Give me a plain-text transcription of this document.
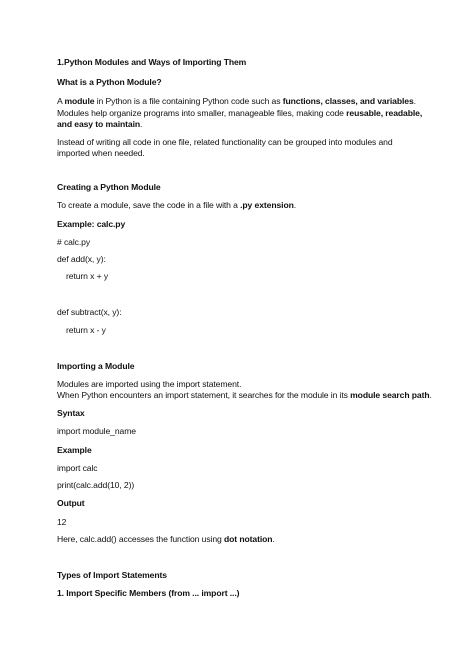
1.Python Modules and Ways of Importing Them
What is a Python Module?
A module in Python is a file containing Python code such as functions, classes, and variables.
Modules help organize programs into smaller, manageable files, making code reusable, readable,
and easy to maintain.
Instead of writing all code in one file, related functionality can be grouped into modules and
imported when needed.
Creating a Python Module
To create a module, save the code in a file with a .py extension.
Example: calc.py
# calc.py
def add(x, y):
return x + y
def subtract(x, y):
return x - y
Importing a Module
Modules are imported using the import statement.
When Python encounters an import statement, it searches for the module in its module search path.
Syntax
import module_name
Example
import calc
print(calc.add(10, 2))
Output
12
Here, calc.add() accesses the function using dot notation.
Types of Import Statements
1. Import Specific Members (from ... import ...)
